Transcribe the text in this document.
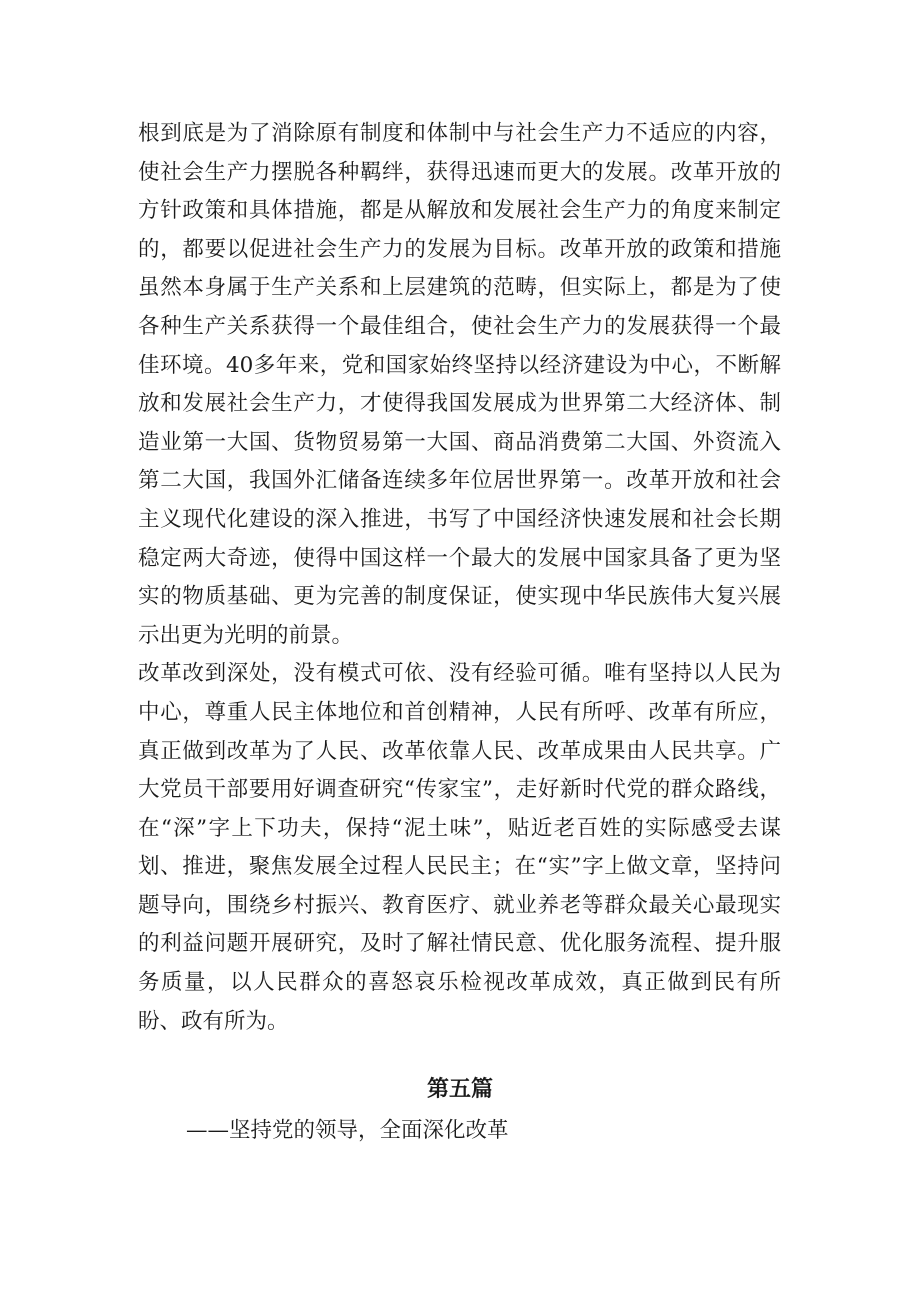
根到底是为了消除原有制度和体制中与社会生产力不适应的内容，使社会生产力摆脱各种羁绊，获得迅速而更大的发展。改革开放的方针政策和具体措施，都是从解放和发展社会生产力的角度来制定的，都要以促进社会生产力的发展为目标。改革开放的政策和措施虽然本身属于生产关系和上层建筑的范畴，但实际上，都是为了使各种生产关系获得一个最佳组合，使社会生产力的发展获得一个最佳环境。40多年来，党和国家始终坚持以经济建设为中心，不断解放和发展社会生产力，才使得我国发展成为世界第二大经济体、制造业第一大国、货物贸易第一大国、商品消费第二大国、外资流入第二大国，我国外汇储备连续多年位居世界第一。改革开放和社会主义现代化建设的深入推进，书写了中国经济快速发展和社会长期稳定两大奇迹，使得中国这样一个最大的发展中国家具备了更为坚实的物质基础、更为完善的制度保证，使实现中华民族伟大复兴展示出更为光明的前景。

改革改到深处，没有模式可依、没有经验可循。唯有坚持以人民为中心，尊重人民主体地位和首创精神，人民有所呼、改革有所应，真正做到改革为了人民、改革依靠人民、改革成果由人民共享。广大党员干部要用好调查研究“传家宝”，走好新时代党的群众路线，在“深”字上下功夫，保持“泥土味”，贴近老百姓的实际感受去谋划、推进，聚焦发展全过程人民民主；在“实”字上做文章，坚持问题导向，围绕乡村振兴、教育医疗、就业养老等群众最关心最现实的利益问题开展研究，及时了解社情民意、优化服务流程、提升服务质量，以人民群众的喜怒哀乐检视改革成效，真正做到民有所盼、政有所为。

第五篇
——坚持党的领导，全面深化改革
